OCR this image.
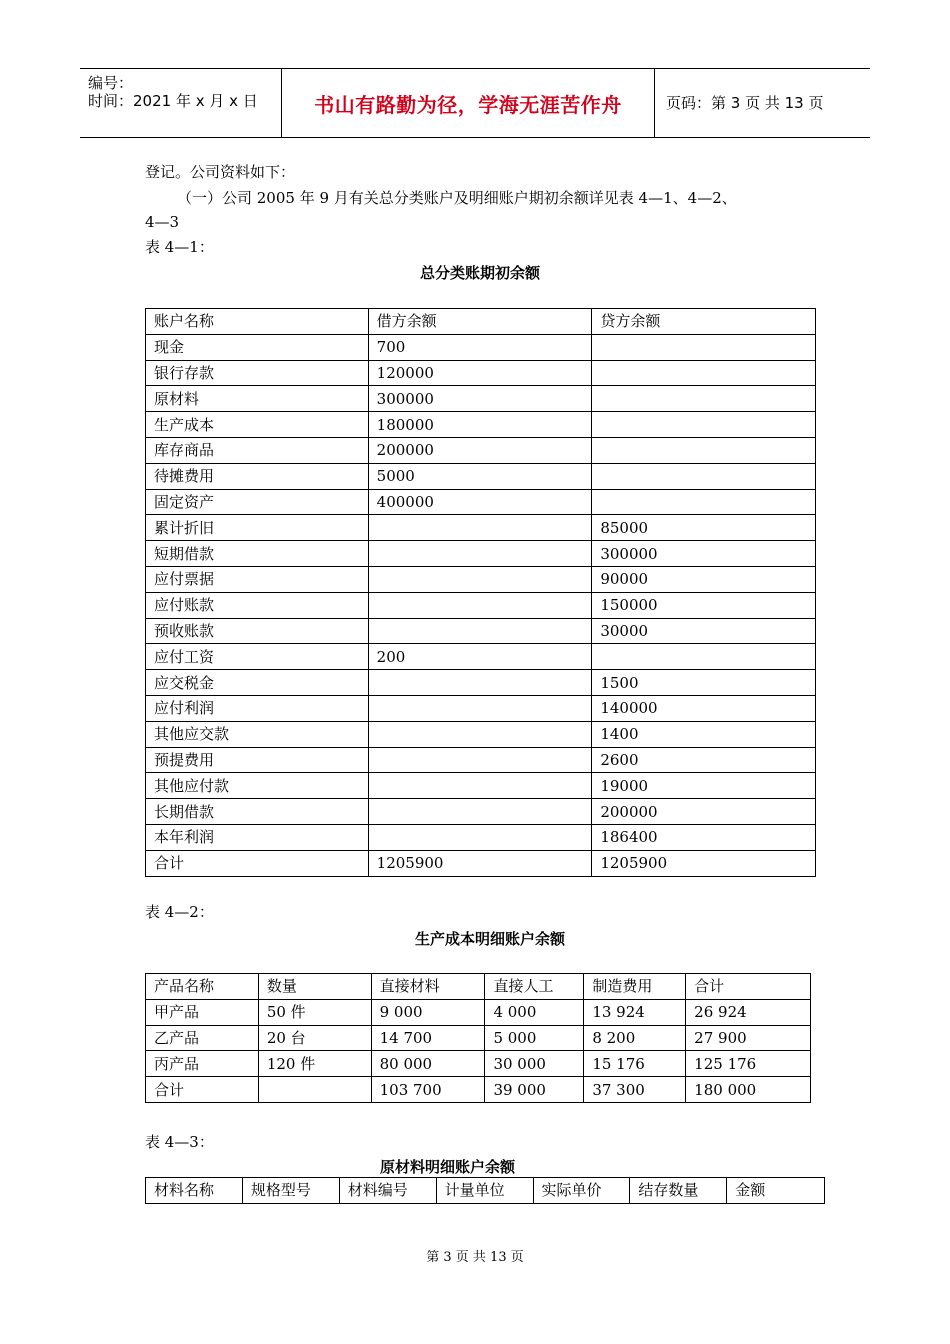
编号：
时间：2021 年 x 月 x 日	书山有路勤为径，学海无涯苦作舟	页码：第 3 页 共 13 页
登记。公司资料如下：
（一）公司 2005 年 9 月有关总分类账户及明细账户期初余额详见表 4—1、4—2、
4—3
表 4—1：
总分类账期初余额
账户名称	借方余额	贷方余额
现金	700	
银行存款	120000	
原材料	300000	
生产成本	180000	
库存商品	200000	
待摊费用	5000	
固定资产	400000	
累计折旧		85000
短期借款		300000
应付票据		90000
应付账款		150000
预收账款		30000
应付工资	200	
应交税金		1500
应付利润		140000
其他应交款		1400
预提费用		2600
其他应付款		19000
长期借款		200000
本年利润		186400
合计	1205900	1205900
表 4—2：
生产成本明细账户余额
产品名称	数量	直接材料	直接人工	制造费用	合计
甲产品	50 件	9 000	4 000	13 924	26 924
乙产品	20 台	14 700	5 000	8 200	27 900
丙产品	120 件	80 000	30 000	15 176	125 176
合计		103 700	39 000	37 300	180 000
表 4—3：
原材料明细账户余额
材料名称	规格型号	材料编号	计量单位	实际单价	结存数量	金额
第 3 页 共 13 页
